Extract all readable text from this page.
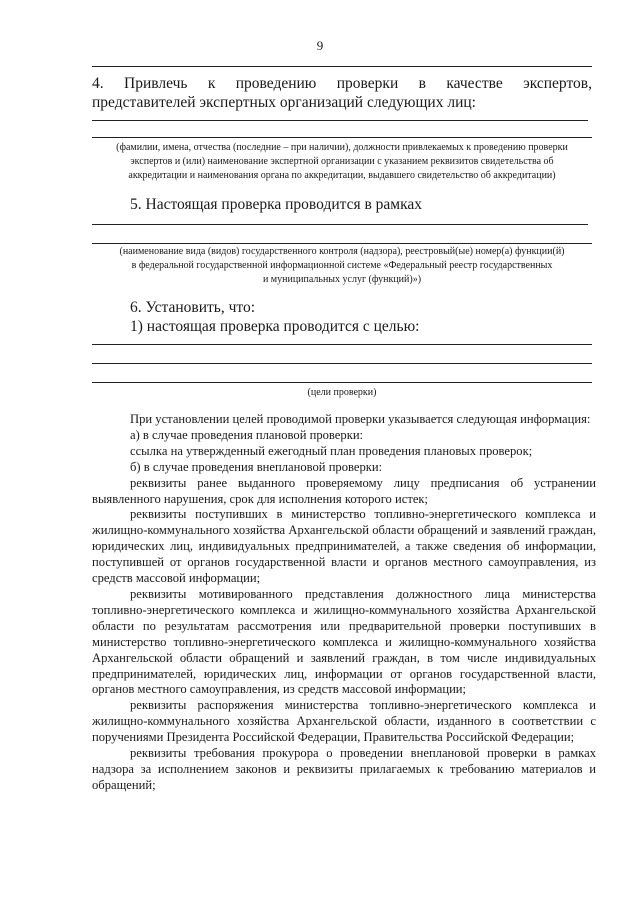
9
4. Привлечь к проведению проверки в качестве экспертов,
представителей экспертных организаций следующих лиц:
(фамилии, имена, отчества (последние – при наличии), должности привлекаемых к проведению проверки
экспертов и (или) наименование экспертной организации с указанием реквизитов свидетельства об
аккредитации и наименования органа по аккредитации, выдавшего свидетельство об аккредитации)
5. Настоящая проверка проводится в рамках
(наименование вида (видов) государственного контроля (надзора), реестровый(ые) номер(а) функции(й)
в федеральной государственной информационной системе «Федеральный реестр государственных
и муниципальных услуг (функций)»)
6. Установить, что:
1) настоящая проверка проводится с целью:
(цели проверки)

При установлении целей проводимой проверки указывается следующая информация:

а) в случае проведения плановой проверки:

ссылка на утвержденный ежегодный план проведения плановых проверок;

б) в случае проведения внеплановой проверки:

реквизиты ранее выданного проверяемому лицу предписания об устранении выявленного нарушения, срок для исполнения которого истек;

реквизиты поступивших в министерство топливно-энергетического комплекса и жилищно-коммунального хозяйства Архангельской области обращений и заявлений граждан, юридических лиц, индивидуальных предпринимателей, а также сведения об информации, поступившей от органов государственной власти и органов местного самоуправления, из средств массовой информации;

реквизиты мотивированного представления должностного лица министерства топливно-энергетического комплекса и жилищно-коммунального хозяйства Архангельской области по результатам рассмотрения или предварительной проверки поступивших в министерство топливно-энергетического комплекса и жилищно-коммунального хозяйства Архангельской области обращений и заявлений граждан, в том числе индивидуальных предпринимателей, юридических лиц, информации от органов государственной власти, органов местного самоуправления, из средств массовой информации;

реквизиты распоряжения министерства топливно-энергетического комплекса и жилищно-коммунального хозяйства Архангельской области, изданного в соответствии с поручениями Президента Российской Федерации, Правительства Российской Федерации;

реквизиты требования прокурора о проведении внеплановой проверки в рамках надзора за исполнением законов и реквизиты прилагаемых к требованию материалов и обращений;
